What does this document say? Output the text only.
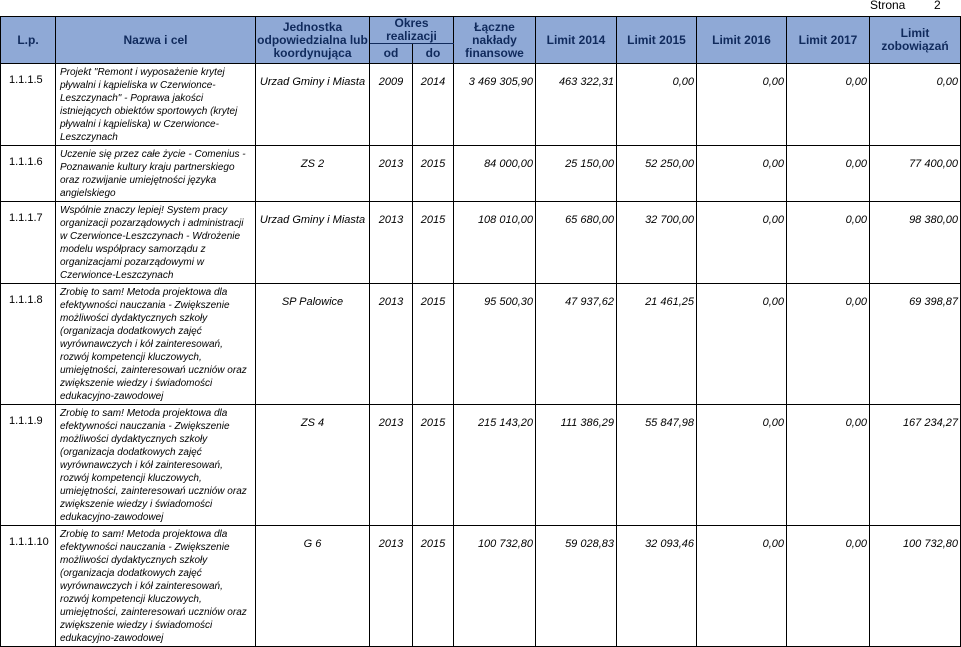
Strona 2
L.p.	Nazwa i cel	Jednostka odpowiedzialna lub koordynująca	Okres realizacji		Łączne nakłady finansowe	Limit 2014	Limit 2015	Limit 2016	Limit 2017	Limit zobowiązań
			od	do						
1.1.1.5	Projekt "Remont i wyposażenie krytej pływalni i kąpieliska w Czerwionce-Leszczynach" - Poprawa jakości istniejących obiektów sportowych (krytej pływalni i kąpieliska) w Czerwionce-Leszczynach	Urzad Gminy i Miasta	2009	2014	3 469 305,90	463 322,31	0,00	0,00	0,00	0,00
1.1.1.6	Uczenie się przez całe życie - Comenius - Poznawanie kultury kraju partnerskiego oraz rozwijanie umiejętności języka angielskiego	ZS 2	2013	2015	84 000,00	25 150,00	52 250,00	0,00	0,00	77 400,00
1.1.1.7	Wspólnie znaczy lepiej! System pracy organizacji pozarządowych i administracji w Czerwionce-Leszczynach - Wdrożenie modelu współpracy samorządu z organizacjami pozarządowymi w Czerwionce-Leszczynach	Urzad Gminy i Miasta	2013	2015	108 010,00	65 680,00	32 700,00	0,00	0,00	98 380,00
1.1.1.8	Zrobię to sam! Metoda projektowa dla efektywności nauczania - Zwiększenie możliwości dydaktycznych szkoły (organizacja dodatkowych zajęć wyrównawczych i kół zainteresowań, rozwój kompetencji kluczowych, umiejętności, zainteresowań uczniów oraz zwiększenie wiedzy i świadomości edukacyjno-zawodowej	SP Palowice	2013	2015	95 500,30	47 937,62	21 461,25	0,00	0,00	69 398,87
1.1.1.9	Zrobię to sam! Metoda projektowa dla efektywności nauczania - Zwiększenie możliwości dydaktycznych szkoły (organizacja dodatkowych zajęć wyrównawczych i kół zainteresowań, rozwój kompetencji kluczowych, umiejętności, zainteresowań uczniów oraz zwiększenie wiedzy i świadomości edukacyjno-zawodowej	ZS 4	2013	2015	215 143,20	111 386,29	55 847,98	0,00	0,00	167 234,27
1.1.1.10	Zrobię to sam! Metoda projektowa dla efektywności nauczania - Zwiększenie możliwości dydaktycznych szkoły (organizacja dodatkowych zajęć wyrównawczych i kół zainteresowań, rozwój kompetencji kluczowych, umiejętności, zainteresowań uczniów oraz zwiększenie wiedzy i świadomości edukacyjno-zawodowej	G 6	2013	2015	100 732,80	59 028,83	32 093,46	0,00	0,00	100 732,80
